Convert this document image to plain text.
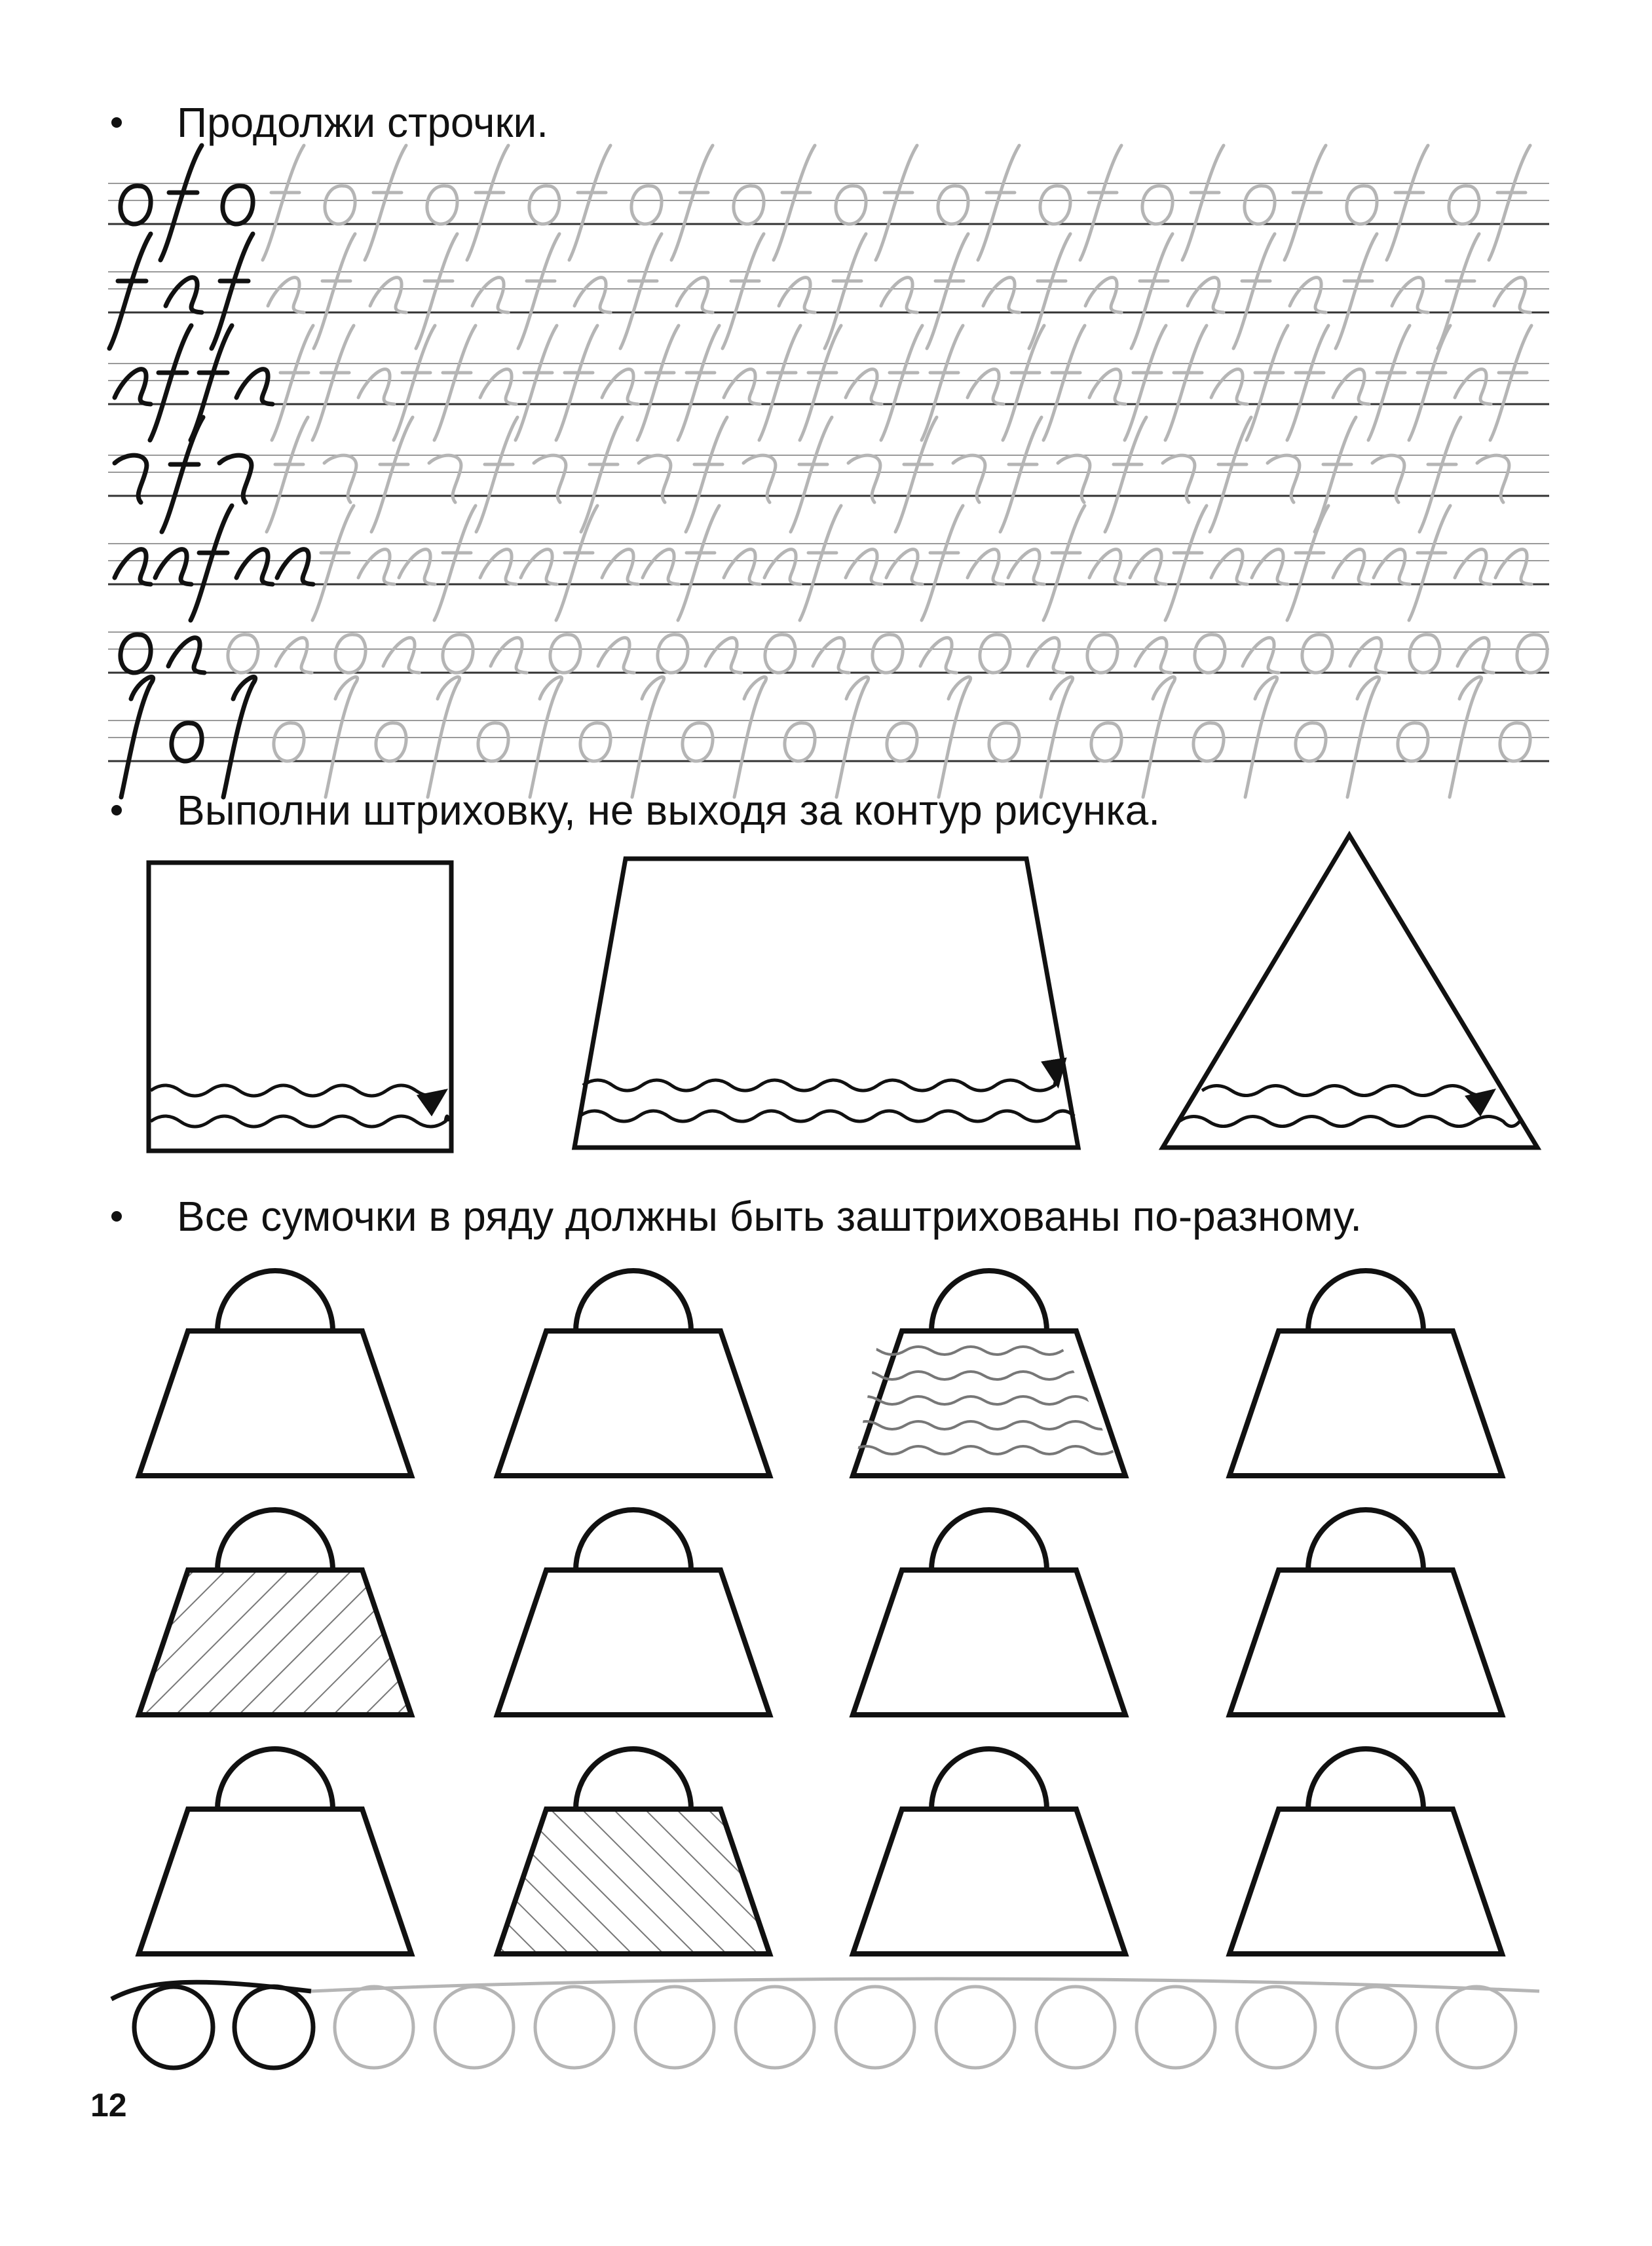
Продолжи строчки.
Выполни штриховку, не выходя за контур рисунка.
Все сумочки в ряду должны быть заштрихованы по-разному.
12
